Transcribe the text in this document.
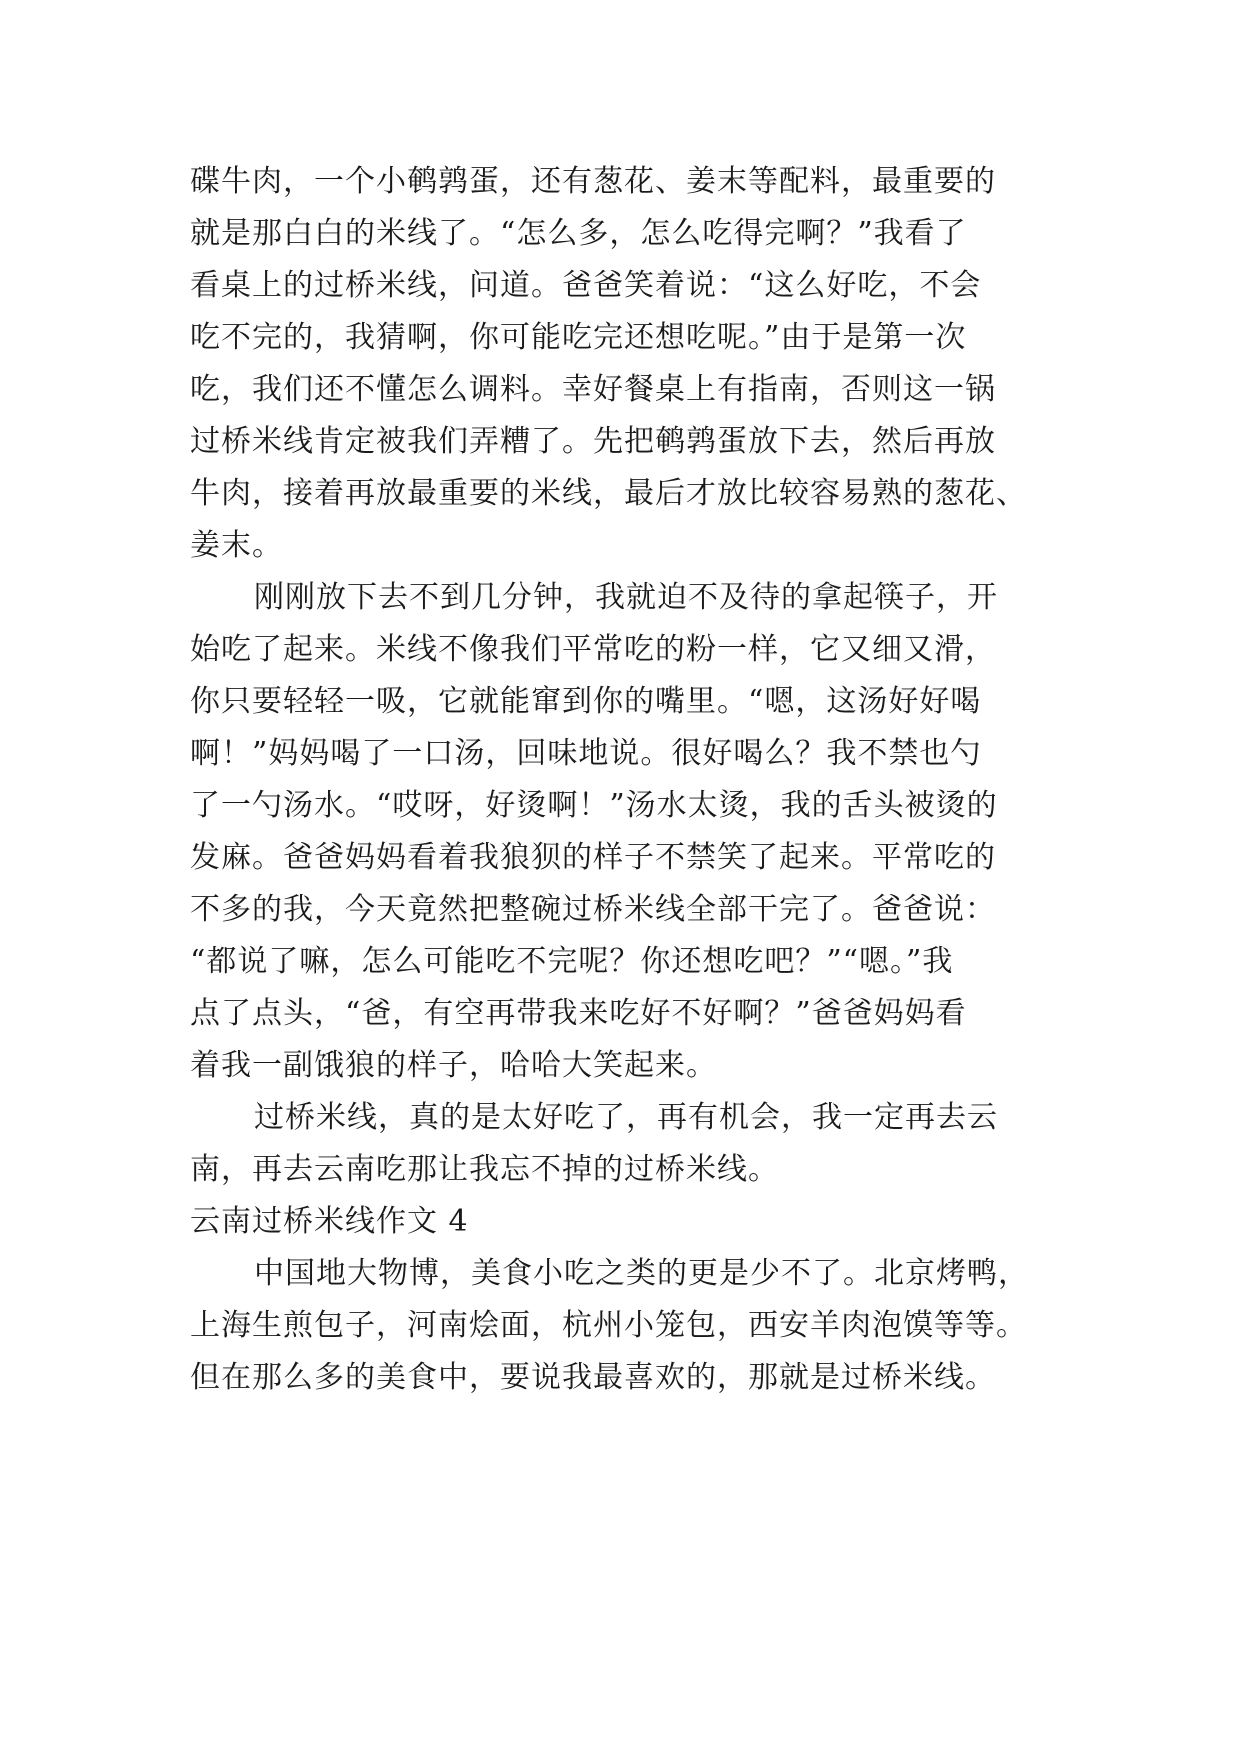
碟牛肉，一个小鹌鹑蛋，还有葱花、姜末等配料，最重要的
就是那白白的米线了。“怎么多，怎么吃得完啊？”我看了
看桌上的过桥米线，问道。爸爸笑着说：“这么好吃，不会
吃不完的，我猜啊，你可能吃完还想吃呢。”由于是第一次
吃，我们还不懂怎么调料。幸好餐桌上有指南，否则这一锅
过桥米线肯定被我们弄糟了。先把鹌鹑蛋放下去，然后再放
牛肉，接着再放最重要的米线，最后才放比较容易熟的葱花、
姜末。
刚刚放下去不到几分钟，我就迫不及待的拿起筷子，开
始吃了起来。米线不像我们平常吃的粉一样，它又细又滑，
你只要轻轻一吸，它就能窜到你的嘴里。“嗯，这汤好好喝
啊！”妈妈喝了一口汤，回味地说。很好喝么？我不禁也勺
了一勺汤水。“哎呀，好烫啊！”汤水太烫，我的舌头被烫的
发麻。爸爸妈妈看着我狼狈的样子不禁笑了起来。平常吃的
不多的我，今天竟然把整碗过桥米线全部干完了。爸爸说：
“都说了嘛，怎么可能吃不完呢？你还想吃吧？”“嗯。”我
点了点头，“爸，有空再带我来吃好不好啊？”爸爸妈妈看
着我一副饿狼的样子，哈哈大笑起来。
过桥米线，真的是太好吃了，再有机会，我一定再去云
南，再去云南吃那让我忘不掉的过桥米线。
云南过桥米线作文 4
中国地大物博，美食小吃之类的更是少不了。北京烤鸭，
上海生煎包子，河南烩面，杭州小笼包，西安羊肉泡馍等等。
但在那么多的美食中，要说我最喜欢的，那就是过桥米线。
